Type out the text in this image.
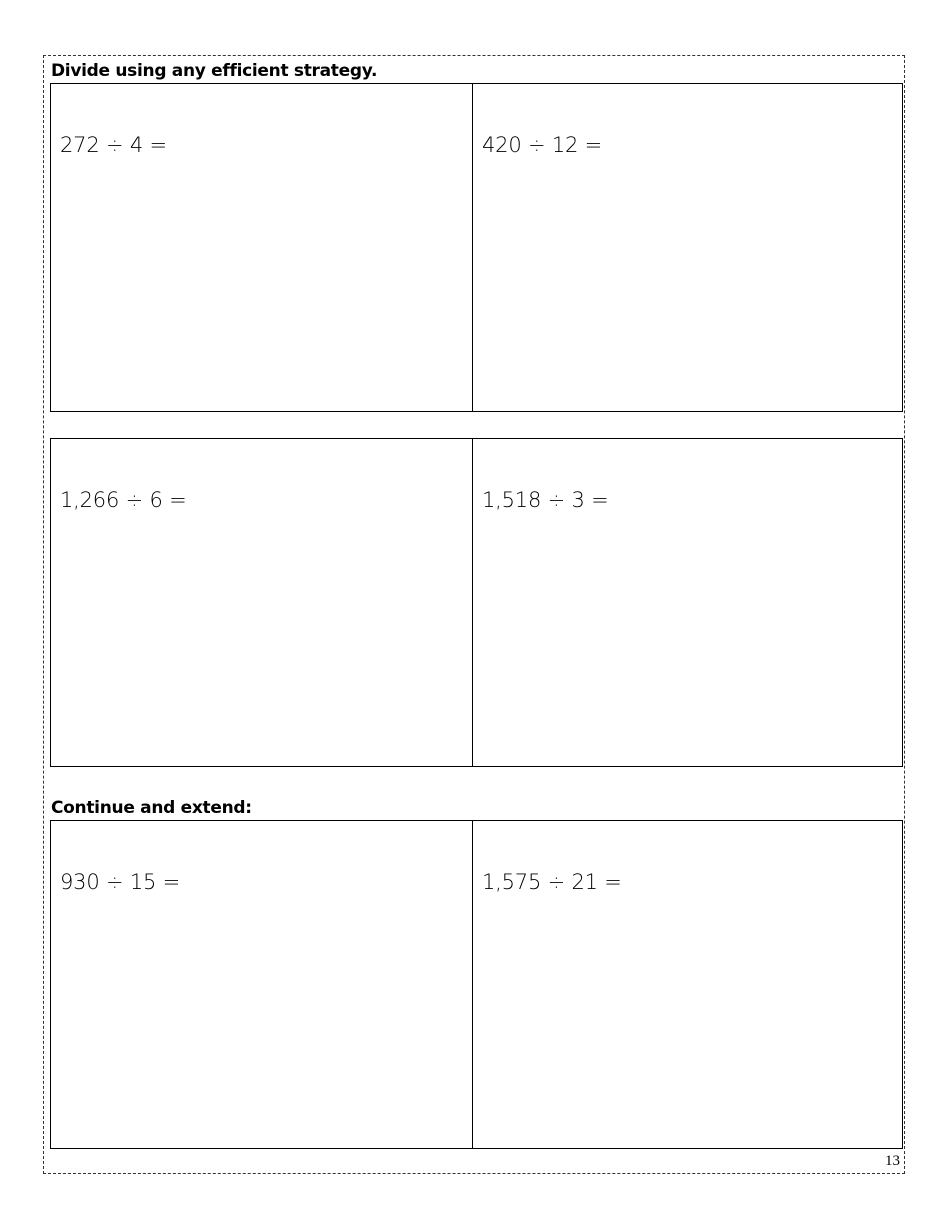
Divide using any efficient strategy.
272 ÷ 4 =	420 ÷ 12 =
1,266 ÷ 6 =	1,518 ÷ 3 =
Continue and extend:
930 ÷ 15 =	1,575 ÷ 21 =
13
